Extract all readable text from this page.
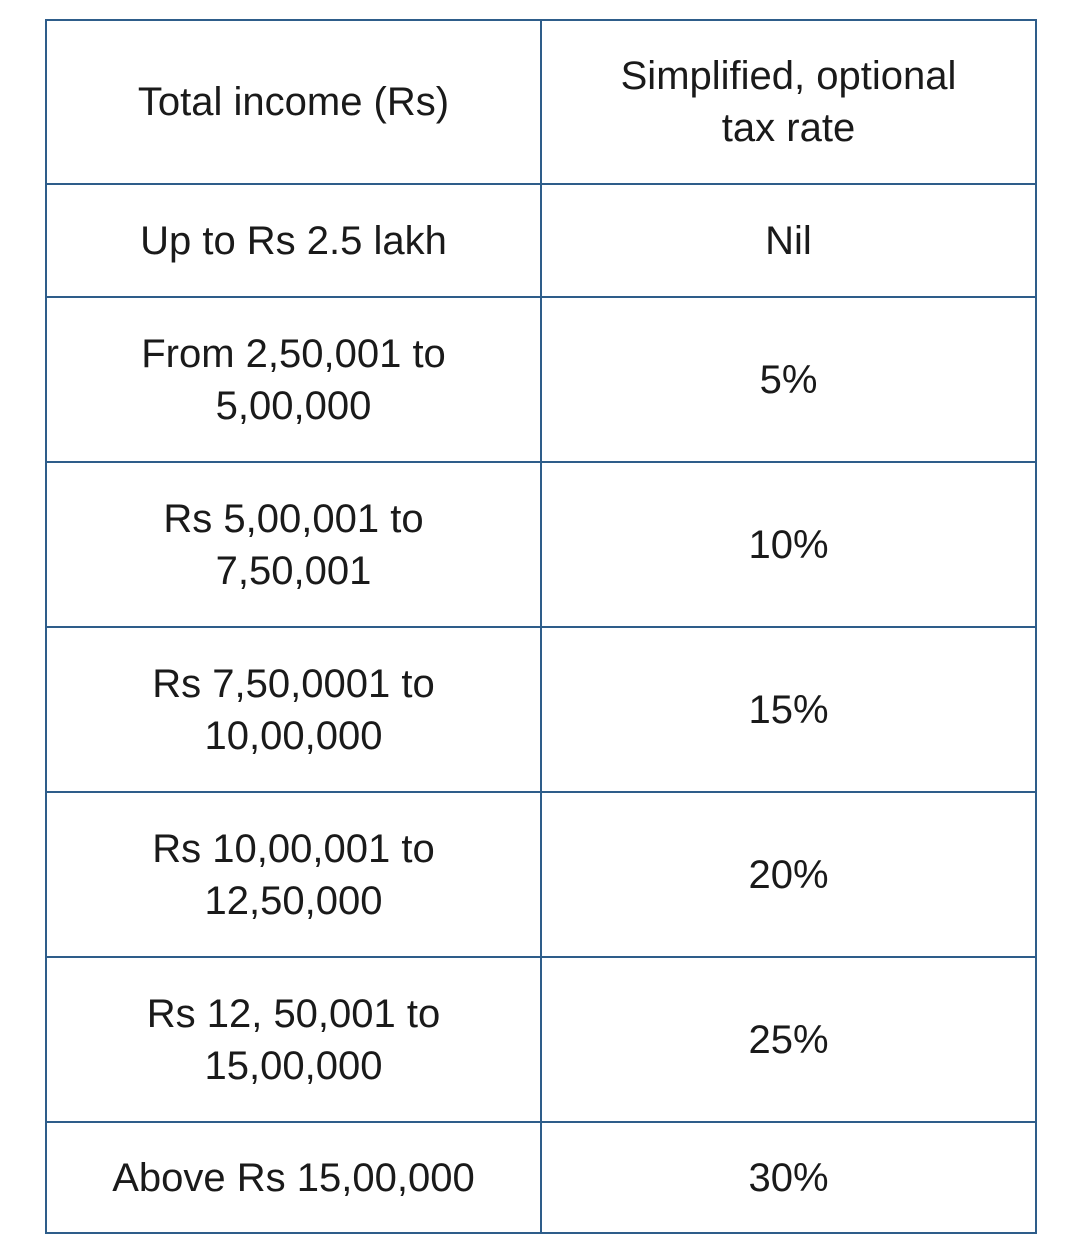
Total income (Rs)	Simplified, optional
tax rate

Up to Rs 2.5 lakh	Nil

From 2,50,001 to
5,00,000	5%

Rs 5,00,001 to
7,50,001	10%

Rs 7,50,0001 to
10,00,000	15%

Rs 10,00,001 to
12,50,000	20%

Rs 12, 50,001 to
15,00,000	25%

Above Rs 15,00,000	30%
